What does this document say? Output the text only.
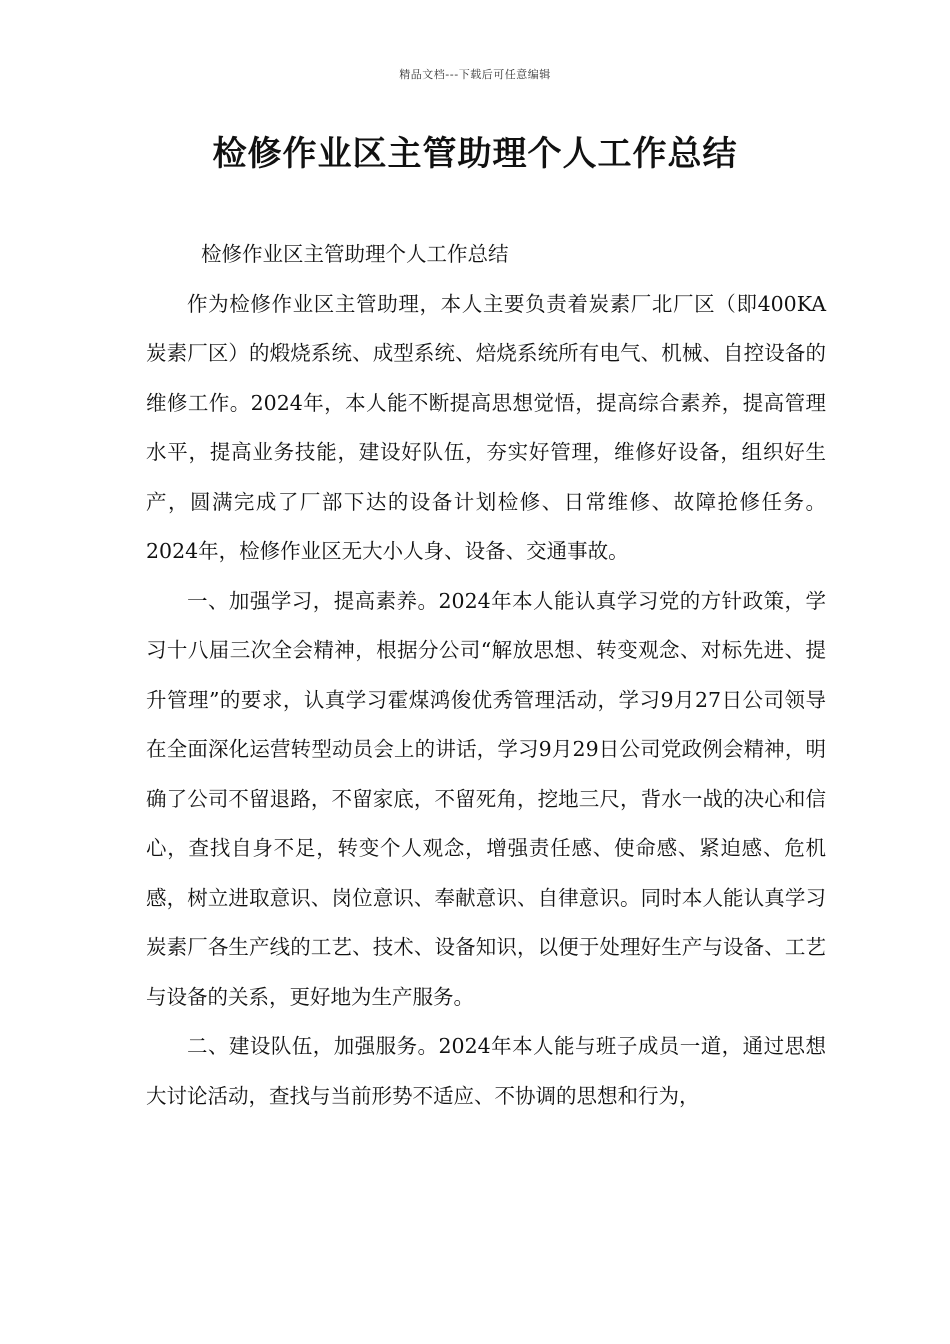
精品文档---下载后可任意编辑
检修作业区主管助理个人工作总结

检修作业区主管助理个人工作总结

作为检修作业区主管助理，本人主要负责着炭素厂北厂区（即400KA炭素厂区）的煅烧系统、成型系统、焙烧系统所有电气、机械、自控设备的维修工作。2024年，本人能不断提高思想觉悟，提高综合素养，提高管理水平，提高业务技能，建设好队伍，夯实好管理，维修好设备，组织好生产，圆满完成了厂部下达的设备计划检修、日常维修、故障抢修任务。2024年，检修作业区无大小人身、设备、交通事故。

一、加强学习，提高素养。2024年本人能认真学习党的方针政策，学习十八届三次全会精神，根据分公司“解放思想、转变观念、对标先进、提升管理”的要求，认真学习霍煤鸿俊优秀管理活动，学习9月27日公司领导在全面深化运营转型动员会上的讲话，学习9月29日公司党政例会精神，明确了公司不留退路，不留家底，不留死角，挖地三尺，背水一战的决心和信心，查找自身不足，转变个人观念，增强责任感、使命感、紧迫感、危机感，树立进取意识、岗位意识、奉献意识、自律意识。同时本人能认真学习炭素厂各生产线的工艺、技术、设备知识，以便于处理好生产与设备、工艺与设备的关系，更好地为生产服务。

二、建设队伍，加强服务。2024年本人能与班子成员一道，通过思想大讨论活动，查找与当前形势不适应、不协调的思想和行为，
